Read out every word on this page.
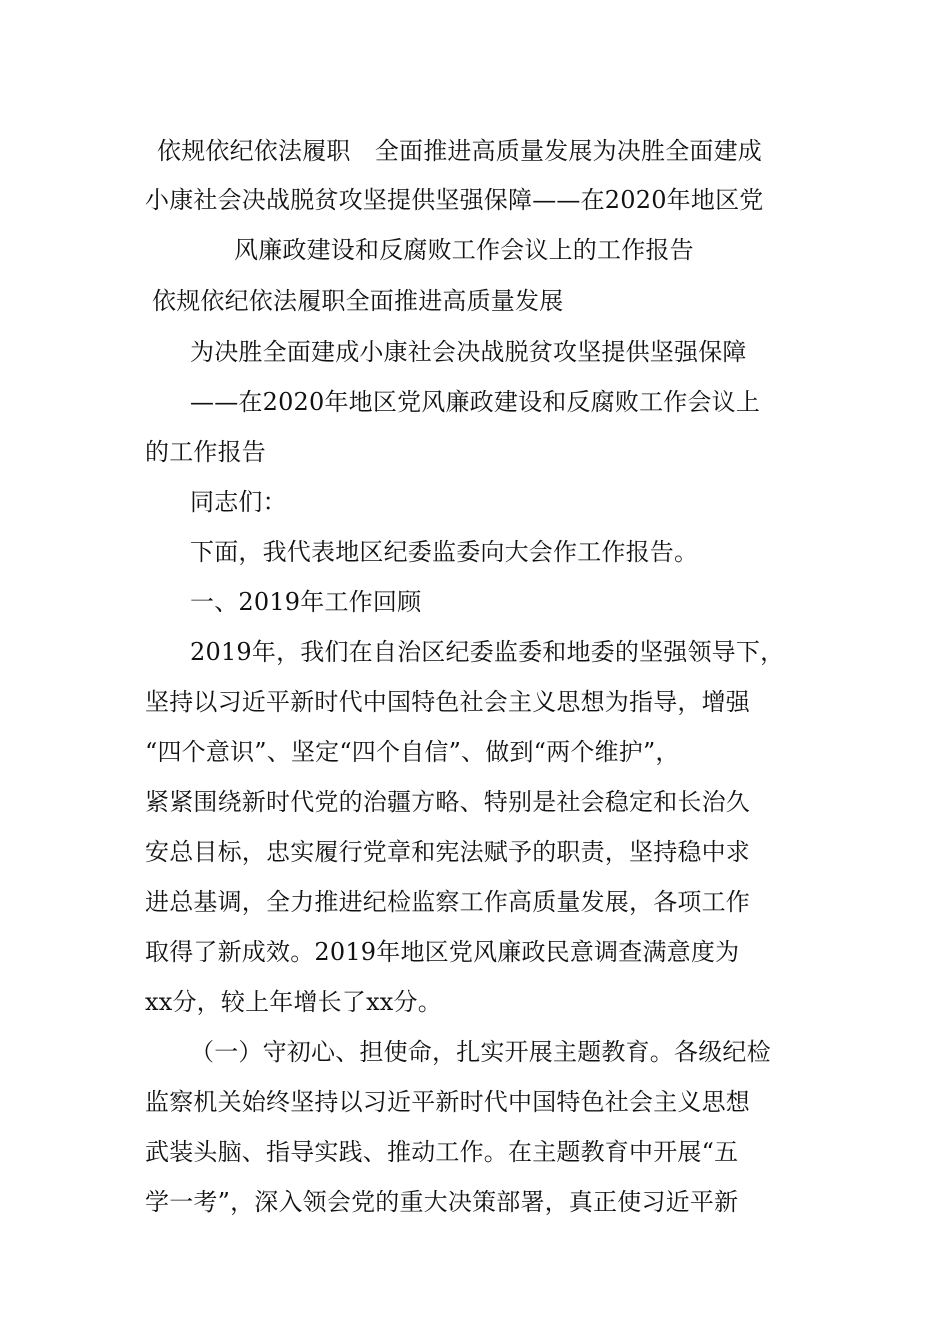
依规依纪依法履职　全面推进高质量发展为决胜全面建成
小康社会决战脱贫攻坚提供坚强保障——在2020年地区党
风廉政建设和反腐败工作会议上的工作报告
依规依纪依法履职全面推进高质量发展
为决胜全面建成小康社会决战脱贫攻坚提供坚强保障
——在2020年地区党风廉政建设和反腐败工作会议上
的工作报告
同志们：
下面，我代表地区纪委监委向大会作工作报告。
一、2019年工作回顾
2019年，我们在自治区纪委监委和地委的坚强领导下，
坚持以习近平新时代中国特色社会主义思想为指导，增强
“四个意识”、坚定“四个自信”、做到“两个维护”，
紧紧围绕新时代党的治疆方略、特别是社会稳定和长治久
安总目标，忠实履行党章和宪法赋予的职责，坚持稳中求
进总基调，全力推进纪检监察工作高质量发展，各项工作
取得了新成效。2019年地区党风廉政民意调查满意度为
xx分，较上年增长了xx分。
（一）守初心、担使命，扎实开展主题教育。各级纪检
监察机关始终坚持以习近平新时代中国特色社会主义思想
武装头脑、指导实践、推动工作。在主题教育中开展“五
学一考”，深入领会党的重大决策部署，真正使习近平新
